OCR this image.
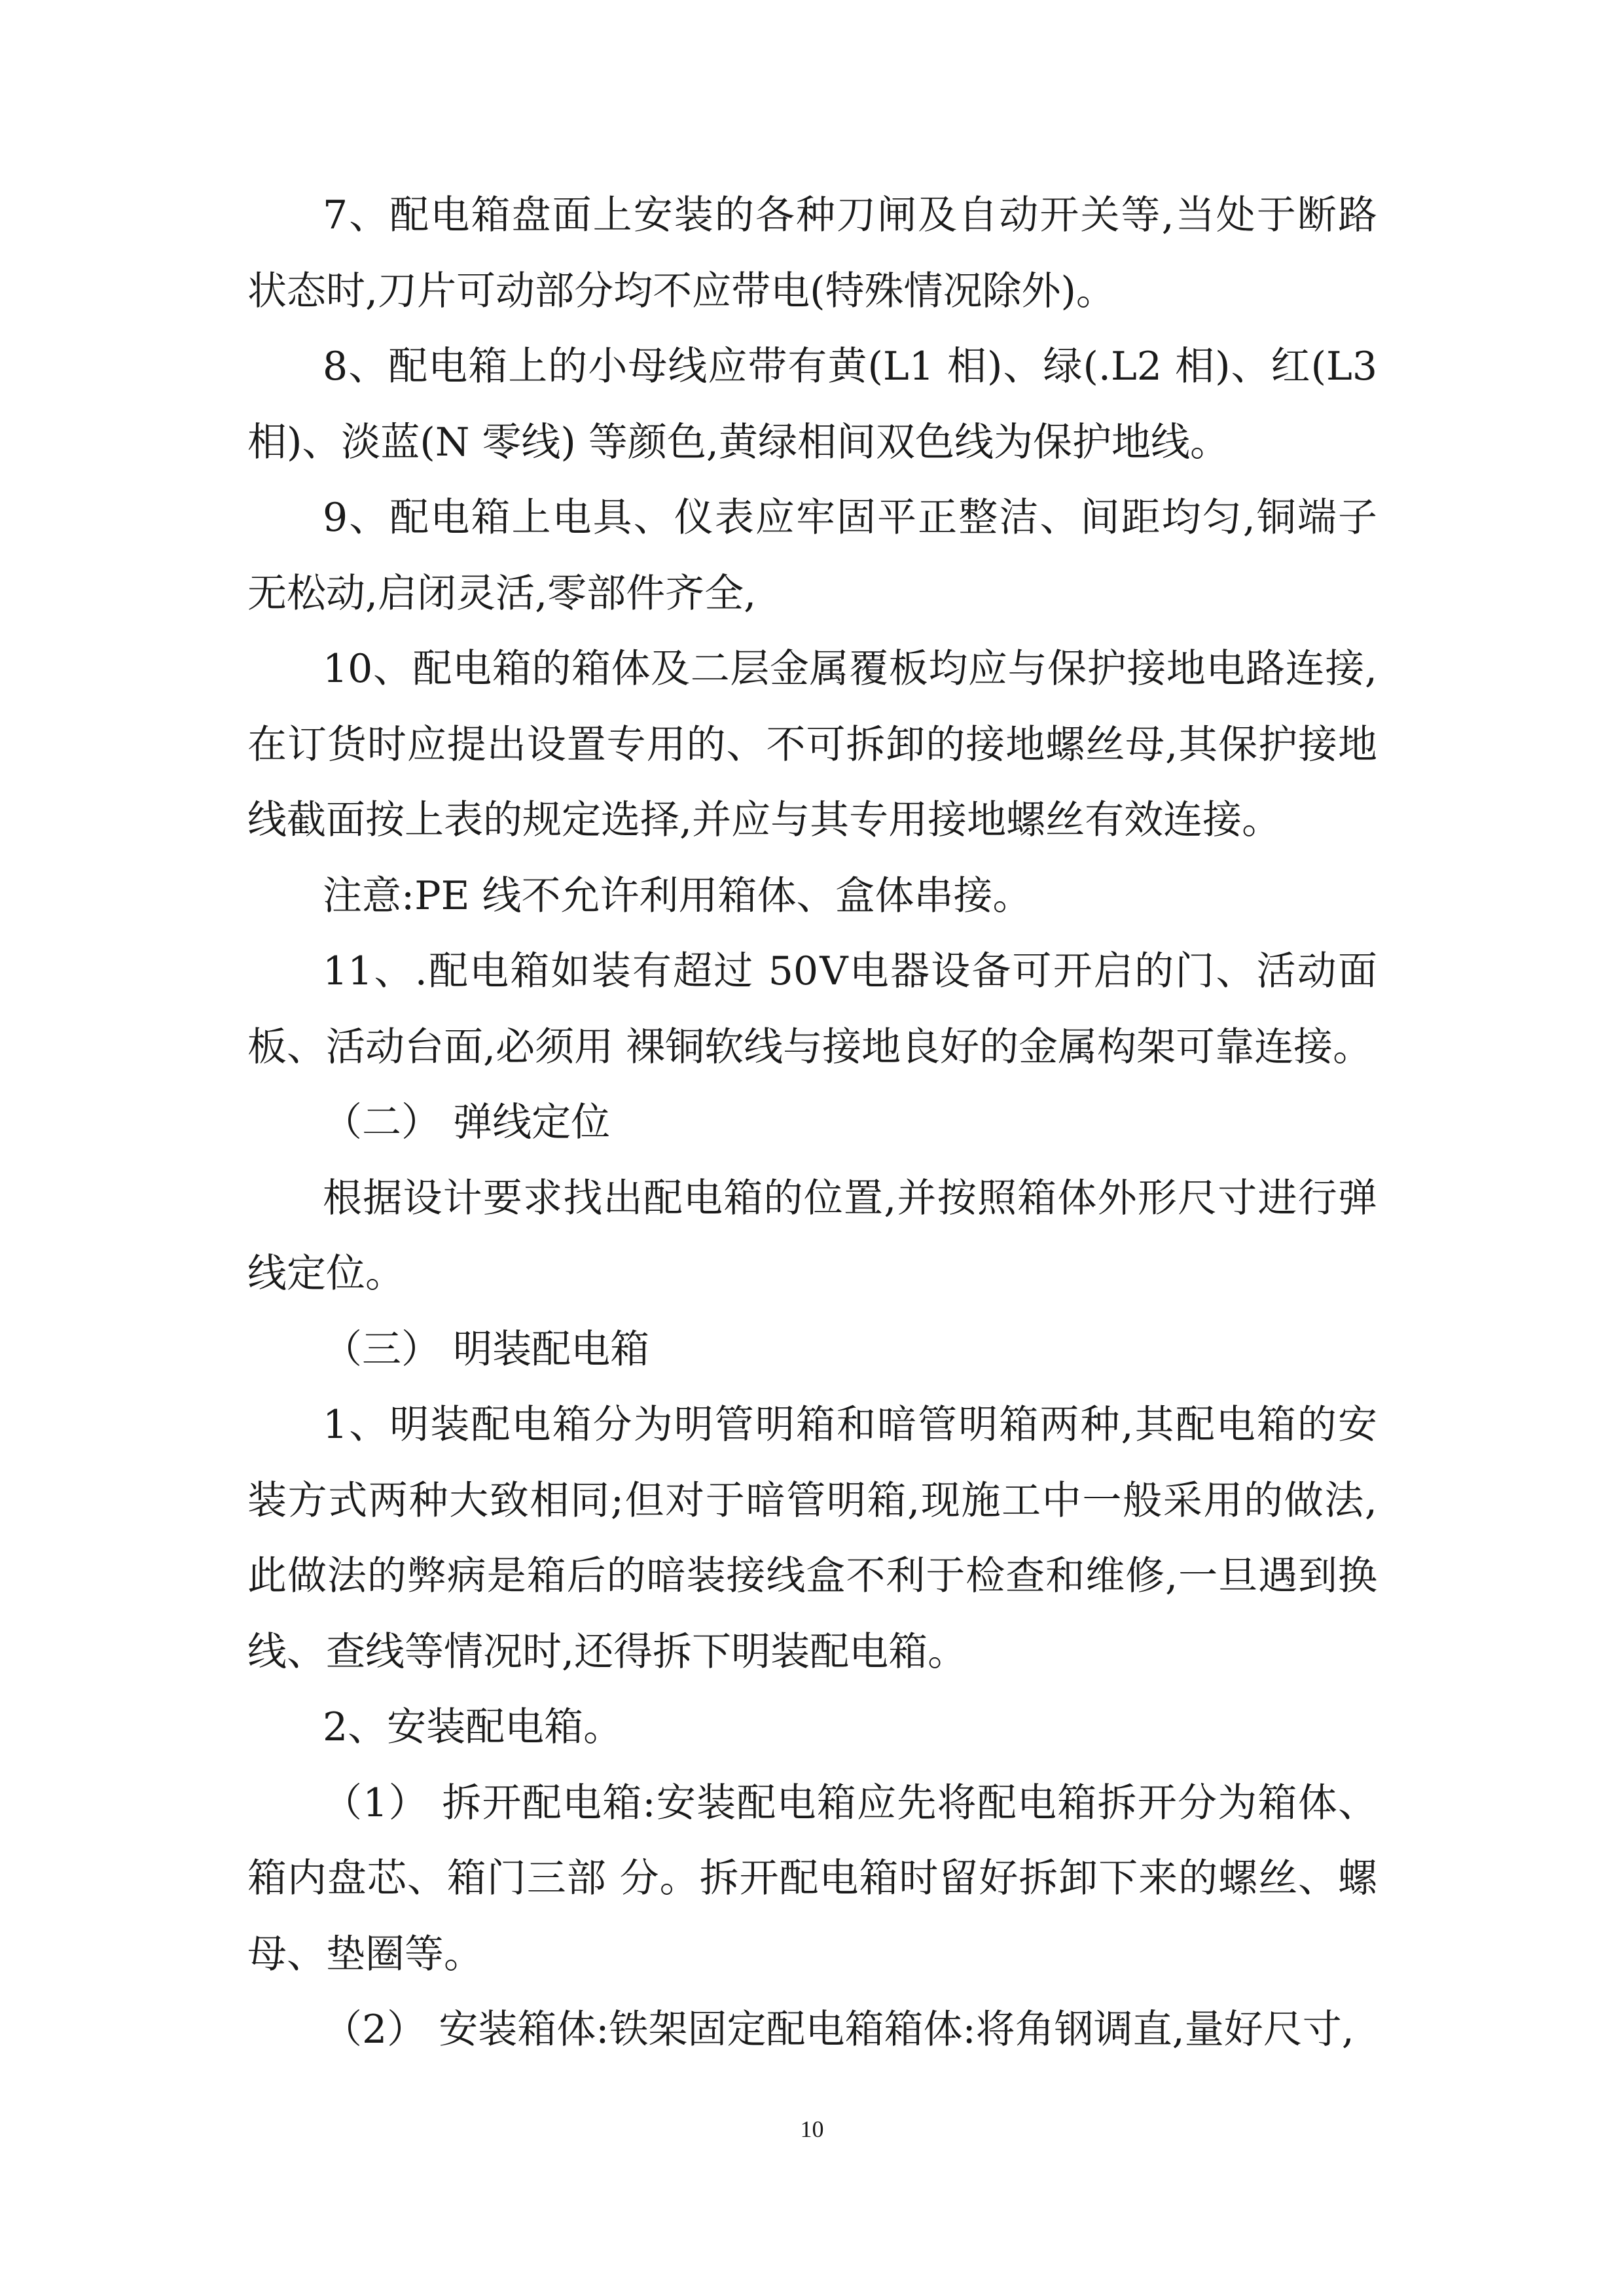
7、配电箱盘面上安装的各种刀闸及自动开关等,当处于断路状态时,刀片可动部分均不应带电(特殊情况除外)。

8、配电箱上的小母线应带有黄(L1 相)、绿(.L2 相)、红(L3 相)、淡蓝(N 零线) 等颜色,黄绿相间双色线为保护地线。

9、配电箱上电具、仪表应牢固平正整洁、间距均匀,铜端子无松动,启闭灵活,零部件齐全,

10、配电箱的箱体及二层金属覆板均应与保护接地电路连接,在订货时应提出设置专用的、不可拆卸的接地螺丝母,其保护接地线截面按上表的规定选择,并应与其专用接地螺丝有效连接。

注意:PE 线不允许利用箱体、盒体串接。

11、.配电箱如装有超过 50Ⅴ电器设备可开启的门、活动面板、活动台面,必须用 裸铜软线与接地良好的金属构架可靠连接。

（二） 弹线定位

根据设计要求找出配电箱的位置,并按照箱体外形尺寸进行弹线定位。

（三） 明装配电箱

1、明装配电箱分为明管明箱和暗管明箱两种,其配电箱的安装方式两种大致相同;但对于暗管明箱,现施工中一般采用的做法,此做法的弊病是箱后的暗装接线盒不利于检查和维修,一旦遇到换线、查线等情况时,还得拆下明装配电箱。

2、安装配电箱。

（1） 拆开配电箱:安装配电箱应先将配电箱拆开分为箱体、箱内盘芯、箱门三部 分。拆开配电箱时留好拆卸下来的螺丝、螺母、垫圈等。

（2） 安装箱体:铁架固定配电箱箱体:将角钢调直,量好尺寸,

10
